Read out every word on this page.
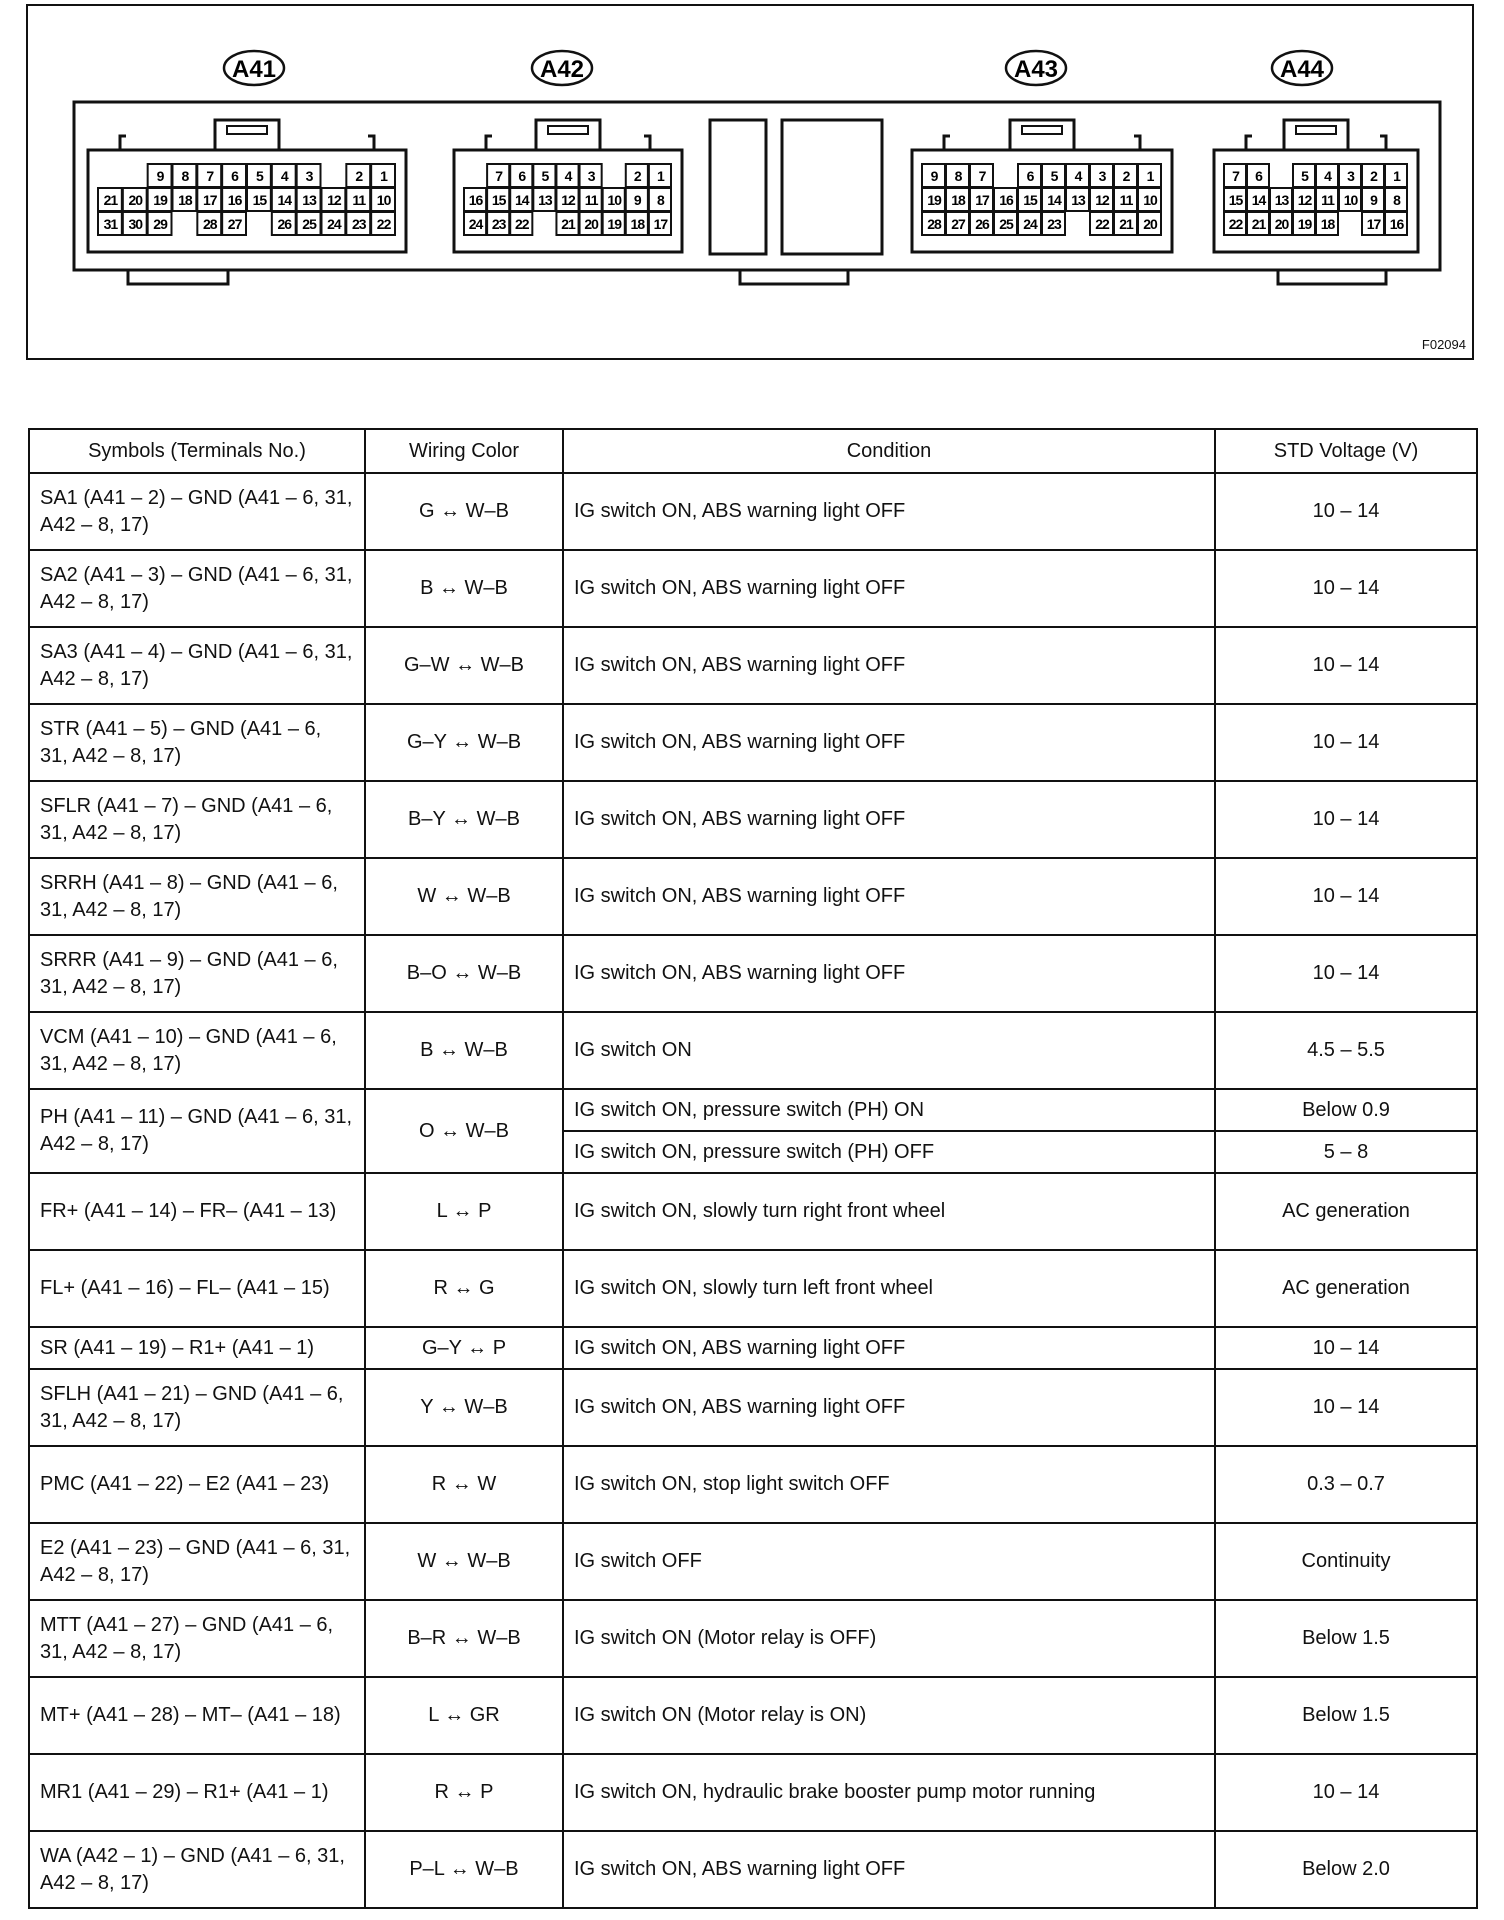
A41
9 8 7 6 5 4 3	2 1
21 20 19 18 17 16 15 14 13 12 11 10
31 30 29	28 27	26 25 24 23 22
A42
7 6 5 4 3	2 1
16 15 14 13 12 11 10 9 8
24 23 22 21 20 19 18 17
A43
9 8 7	6 5 4 3 2 1
19 18 17 16 15 14 13 12 11 10
28 27 26 25 24 23 22 21 20
A44
7 6	5 4 3 2 1
15 14 13 12 11 10 9 8
22 21 20 19 18 17 16
F02094
Symbols (Terminals No.)	Wiring Color	Condition	STD Voltage (V)
SA1 (A41 – 2) – GND (A41 – 6, 31, A42 – 8, 17)	G ↔ W–B	IG switch ON, ABS warning light OFF	10 – 14
SA2 (A41 – 3) – GND (A41 – 6, 31, A42 – 8, 17)	B ↔ W–B	IG switch ON, ABS warning light OFF	10 – 14
SA3 (A41 – 4) – GND (A41 – 6, 31, A42 – 8, 17)	G–W ↔ W–B	IG switch ON, ABS warning light OFF	10 – 14
STR (A41 – 5) – GND (A41 – 6, 31, A42 – 8, 17)	G–Y ↔ W–B	IG switch ON, ABS warning light OFF	10 – 14
SFLR (A41 – 7) – GND (A41 – 6, 31, A42 – 8, 17)	B–Y ↔ W–B	IG switch ON, ABS warning light OFF	10 – 14
SRRH (A41 – 8) – GND (A41 – 6, 31, A42 – 8, 17)	W ↔ W–B	IG switch ON, ABS warning light OFF	10 – 14
SRRR (A41 – 9) – GND (A41 – 6, 31, A42 – 8, 17)	B–O ↔ W–B	IG switch ON, ABS warning light OFF	10 – 14
VCM (A41 – 10) – GND (A41 – 6, 31, A42 – 8, 17)	B ↔ W–B	IG switch ON	4.5 – 5.5
PH (A41 – 11) – GND (A41 – 6, 31, A42 – 8, 17)	O ↔ W–B	IG switch ON, pressure switch (PH) ON	Below 0.9
		IG switch ON, pressure switch (PH) OFF	5 – 8
FR+ (A41 – 14) – FR– (A41 – 13)	L ↔ P	IG switch ON, slowly turn right front wheel	AC generation
FL+ (A41 – 16) – FL– (A41 – 15)	R ↔ G	IG switch ON, slowly turn left front wheel	AC generation
SR (A41 – 19) – R1+ (A41 – 1)	G–Y ↔ P	IG switch ON, ABS warning light OFF	10 – 14
SFLH (A41 – 21) – GND (A41 – 6, 31, A42 – 8, 17)	Y ↔ W–B	IG switch ON, ABS warning light OFF	10 – 14
PMC (A41 – 22) – E2 (A41 – 23)	R ↔ W	IG switch ON, stop light switch OFF	0.3 – 0.7
E2 (A41 – 23) – GND (A41 – 6, 31, A42 – 8, 17)	W ↔ W–B	IG switch OFF	Continuity
MTT (A41 – 27) – GND (A41 – 6, 31, A42 – 8, 17)	B–R ↔ W–B	IG switch ON (Motor relay is OFF)	Below 1.5
MT+ (A41 – 28) – MT– (A41 – 18)	L ↔ GR	IG switch ON (Motor relay is ON)	Below 1.5
MR1 (A41 – 29) – R1+ (A41 – 1)	R ↔ P	IG switch ON, hydraulic brake booster pump motor running	10 – 14
WA (A42 – 1) – GND (A41 – 6, 31, A42 – 8, 17)	P–L ↔ W–B	IG switch ON, ABS warning light OFF	Below 2.0
